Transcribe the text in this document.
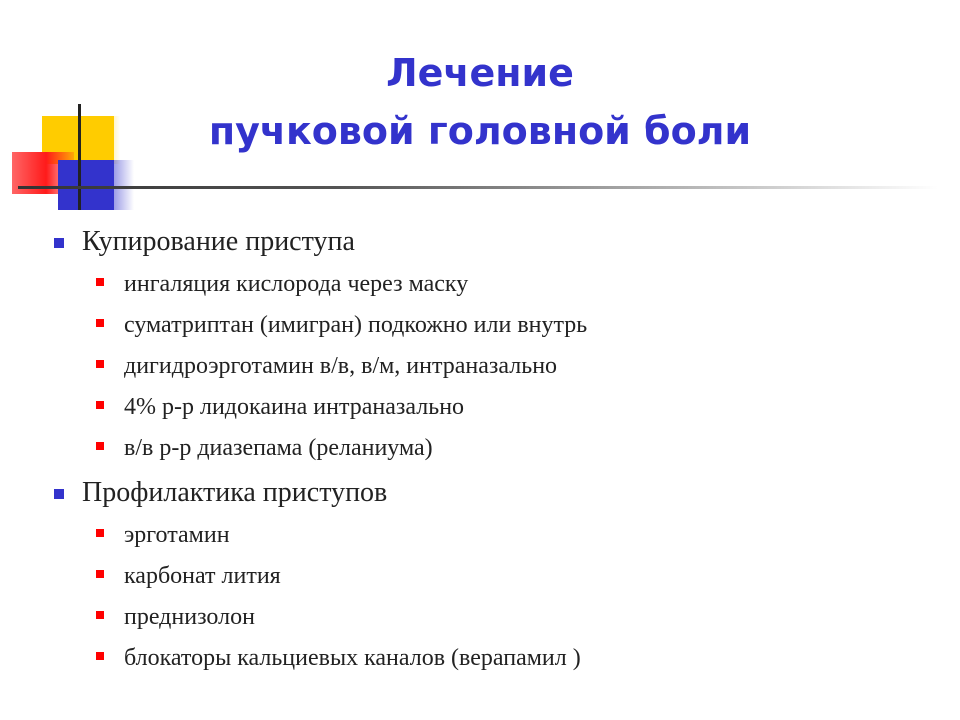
Лечение
пучковой головной боли
Купирование приступа
ингаляция кислорода через маску
суматриптан (имигран) подкожно или внутрь
дигидроэрготамин в/в, в/м, интраназально
4% р-р лидокаина интраназально
в/в р-р диазепама (реланиума)
Профилактика приступов
эрготамин
карбонат лития
преднизолон
блокаторы кальциевых каналов (верапамил )
